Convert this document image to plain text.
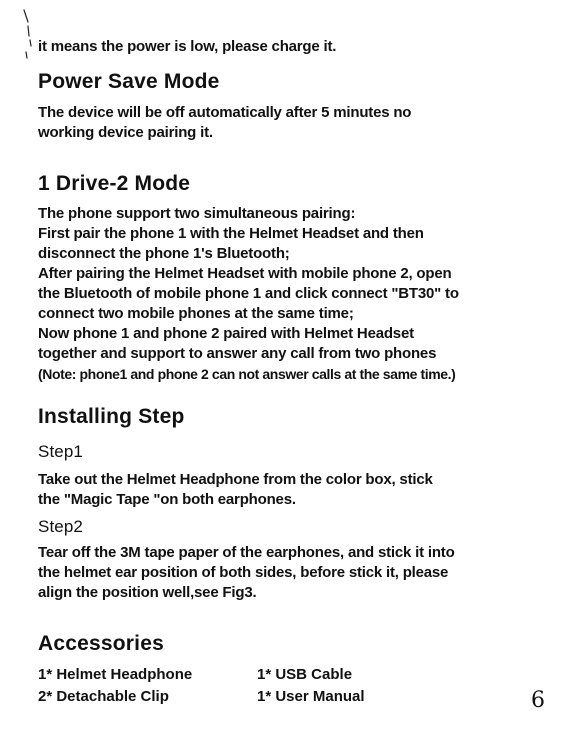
it means the power is low, please charge it.
Power Save Mode
The device will be off automatically after 5 minutes no
working device pairing it.
1 Drive-2 Mode
The phone support two simultaneous pairing:
First pair the phone 1 with the Helmet Headset and then
disconnect the phone 1's Bluetooth;
After pairing the Helmet Headset with mobile phone 2, open
the Bluetooth of mobile phone 1 and click connect "BT30" to
connect two mobile phones at the same time;
Now phone 1 and phone 2 paired with Helmet Headset
together and support to answer any call from two phones
(Note: phone1 and phone 2 can not answer calls at the same time.)
Installing Step
Step1
Take out the Helmet Headphone from the color box, stick
the "Magic Tape "on both earphones.
Step2
Tear off the 3M tape paper of the earphones, and stick it into
the helmet ear position of both sides, before stick it, please
align the position well,see Fig3.
Accessories
1* Helmet Headphone
2* Detachable Clip
1* USB Cable
1* User Manual	6
